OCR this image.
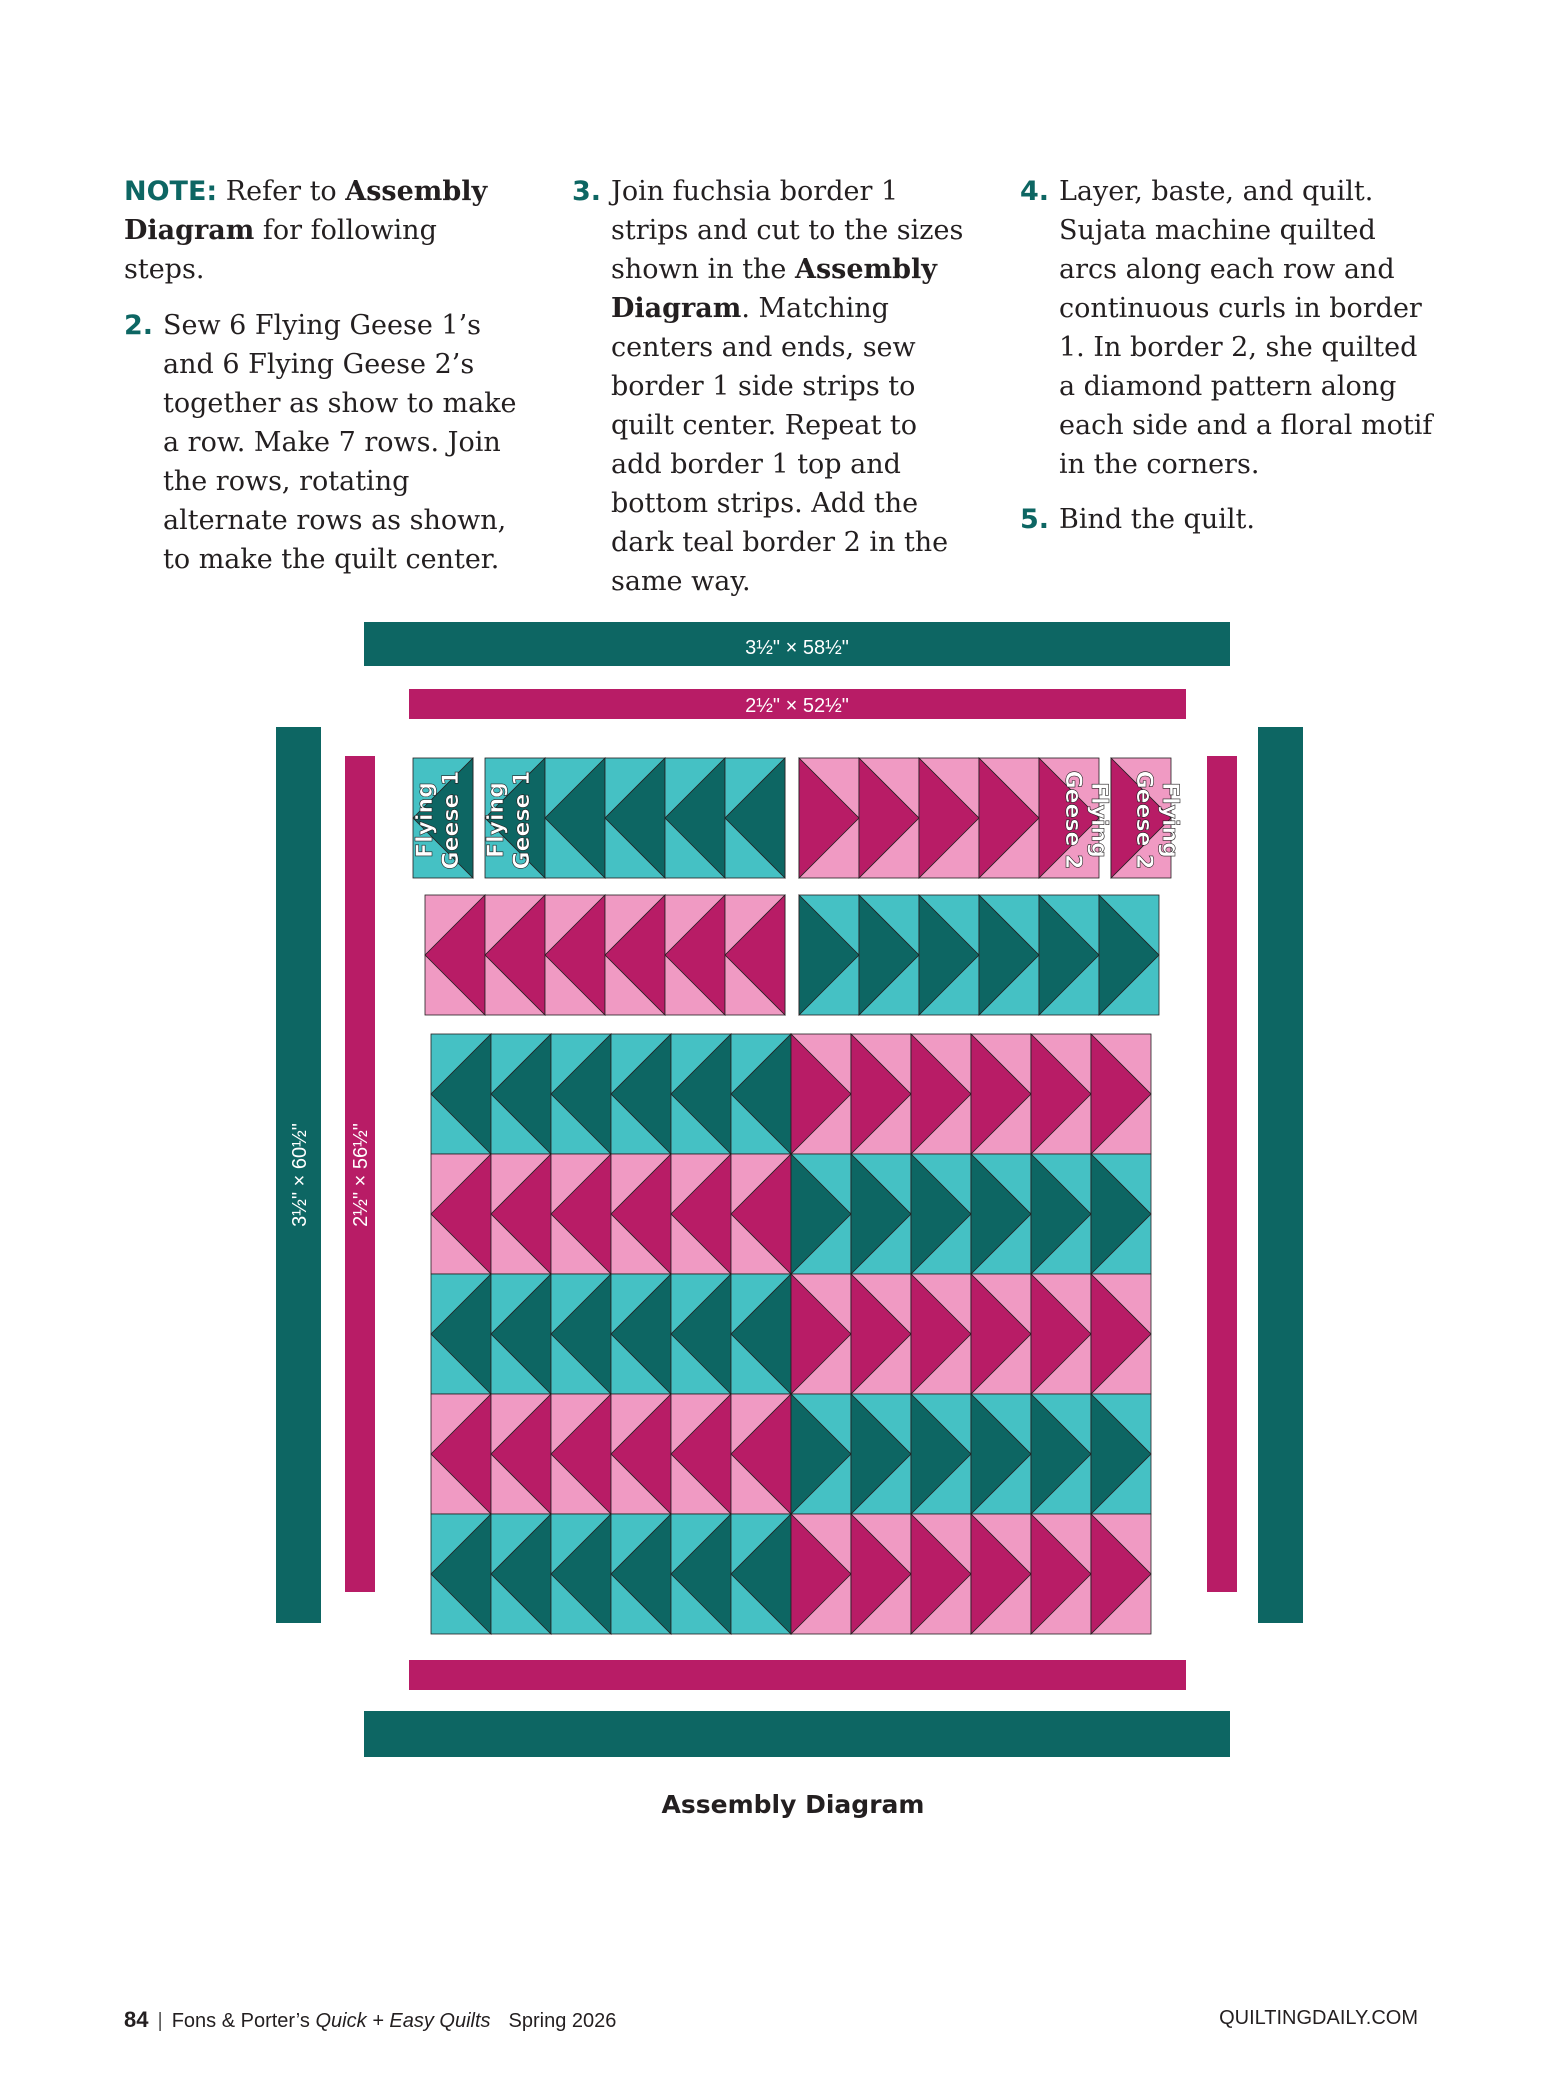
NOTE: Refer to Assembly Diagram for following steps.
2. Sew 6 Flying Geese 1’s and 6 Flying Geese 2’s together as show to make a row. Make 7 rows. Join the rows, rotating alternate rows as shown, to make the quilt center.
3. Join fuchsia border 1 strips and cut to the sizes shown in the Assembly Diagram. Matching centers and ends, sew border 1 side strips to quilt center. Repeat to add border 1 top and bottom strips. Add the dark teal border 2 in the same way.
4. Layer, baste, and quilt. Sujata machine quilted arcs along each row and continuous curls in border 1. In border 2, she quilted a diamond pattern along each side and a floral motif in the corners.
5. Bind the quilt.
3½" × 58½"
2½" × 52½"
3½" × 60½" 2½" × 56½"
Flying Geese 1 Flying Geese 1	Flying
Geese 2	Flying
Geese 2
Assembly Diagram
84 | Fons & Porter’s Quick + Easy Quilts Spring 2026	QUILTINGDAILY.COM
